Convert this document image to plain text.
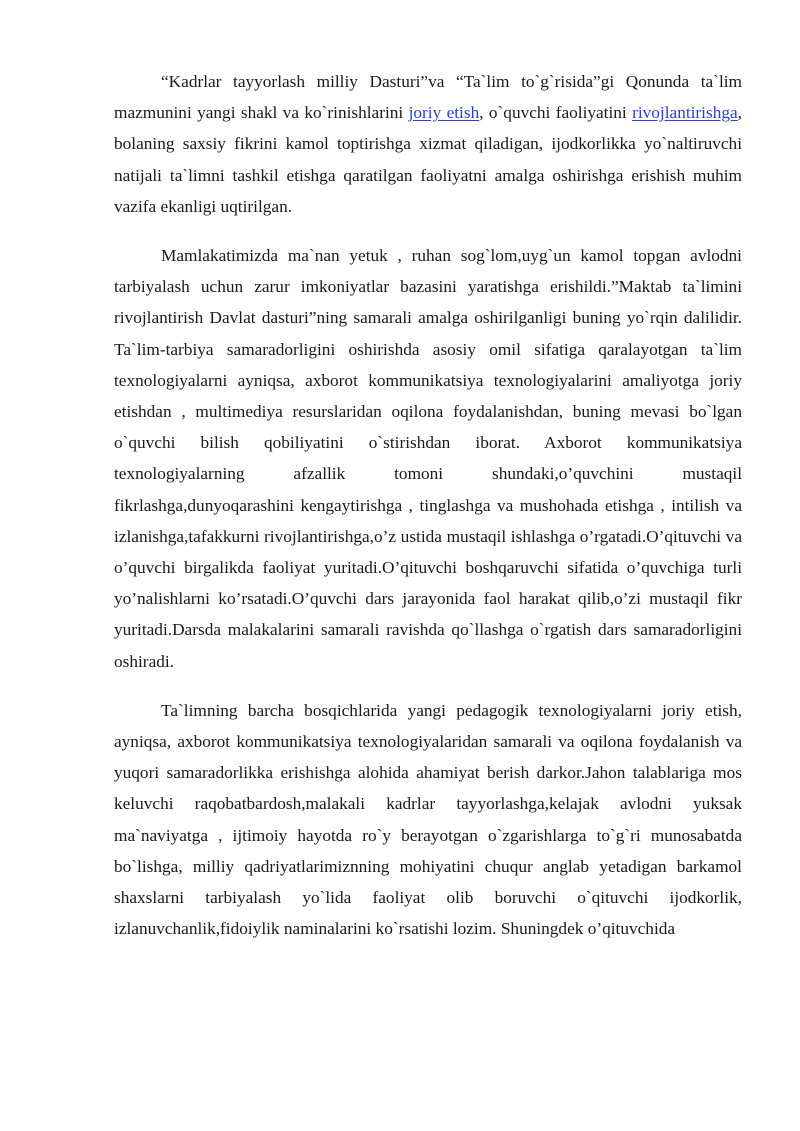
“Kadrlar tayyorlash milliy Dasturi”va “Ta`lim to`g`risida”gi Qonunda ta`lim mazmunini yangi shakl va ko`rinishlarini joriy etish, o`quvchi faoliyatini rivojlantirishga, bolaning saxsiy fikrini kamol toptirishga xizmat qiladigan, ijodkorlikka yo`naltiruvchi natijali ta`limni tashkil etishga qaratilgan faoliyatni amalga oshirishga erishish muhim vazifa ekanligi uqtirilgan.

Mamlakatimizda ma`nan yetuk , ruhan sog`lom,uyg`un kamol topgan avlodni tarbiyalash uchun zarur imkoniyatlar bazasini yaratishga erishildi.”Maktab ta`limini rivojlantirish Davlat dasturi”ning samarali amalga oshirilganligi buning yo`rqin dalilidir. Ta`lim-tarbiya samaradorligini oshirishda asosiy omil sifatiga qaralayotgan ta`lim texnologiyalarni ayniqsa, axborot kommunikatsiya texnologiyalarini amaliyotga joriy etishdan , multimediya resurslaridan oqilona foydalanishdan, buning mevasi bo`lgan o`quvchi bilish qobiliyatini o`stirishdan iborat. Axborot kommunikatsiya texnologiyalarning afzallik tomoni shundaki,o’quvchini mustaqil fikrlashga,dunyoqarashini kengaytirishga , tinglashga va mushohada etishga , intilish va izlanishga,tafakkurni rivojlantirishga,o’z ustida mustaqil ishlashga o’rgatadi.O’qituvchi va o’quvchi birgalikda faoliyat yuritadi.O’qituvchi boshqaruvchi sifatida o’quvchiga turli yo’nalishlarni ko’rsatadi.O’quvchi dars jarayonida faol harakat qilib,o’zi mustaqil fikr yuritadi.Darsda malakalarini samarali ravishda qo`llashga o`rgatish dars samaradorligini oshiradi.

Ta`limning barcha bosqichlarida yangi pedagogik texnologiyalarni joriy etish, ayniqsa, axborot kommunikatsiya texnologiyalaridan samarali va oqilona foydalanish va yuqori samaradorlikka erishishga alohida ahamiyat berish darkor.Jahon talablariga mos keluvchi raqobatbardosh,malakali kadrlar tayyorlashga,kelajak avlodni yuksak ma`naviyatga , ijtimoiy hayotda ro`y berayotgan o`zgarishlarga to`g`ri munosabatda bo`lishga, milliy qadriyatlarimiznning mohiyatini chuqur anglab yetadigan barkamol shaxslarni tarbiyalash yo`lida faoliyat olib boruvchi o`qituvchi ijodkorlik, izlanuvchanlik,fidoiylik naminalarini ko`rsatishi lozim. Shuningdek o’qituvchida
